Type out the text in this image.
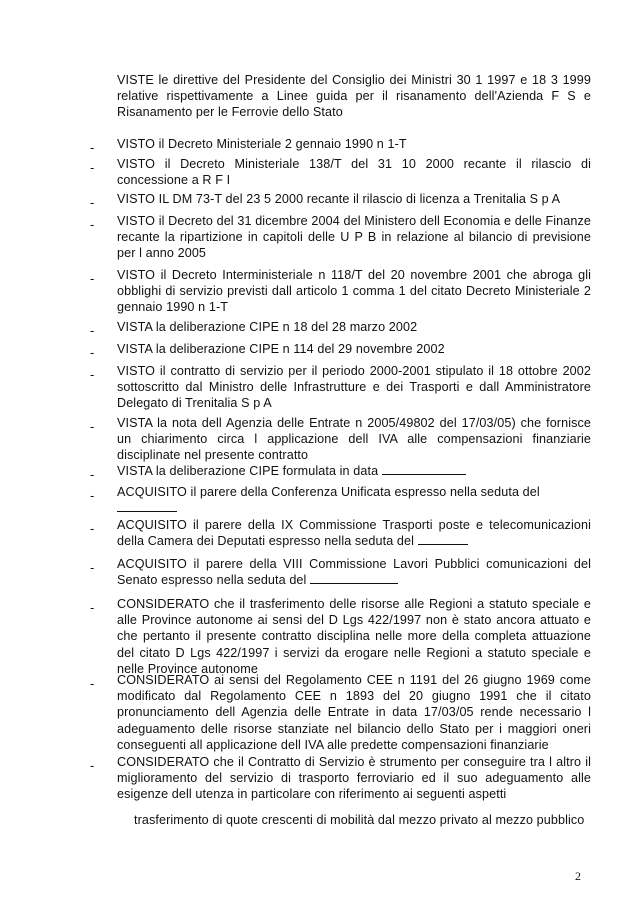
VISTE le direttive del Presidente del Consiglio dei Ministri 30 1 1997 e 18 3 1999 relative rispettivamente a Linee guida per il risanamento dell'Azienda F S e Risanamento per le Ferrovie dello Stato
- VISTO il Decreto Ministeriale 2 gennaio 1990 n 1-T
- VISTO il Decreto Ministeriale 138/T del 31 10 2000 recante il rilascio di concessione a R F I
- VISTO IL DM 73-T del 23 5 2000 recante il rilascio di licenza a Trenitalia S p A
- VISTO il Decreto del 31 dicembre 2004 del Ministero dell Economia e delle Finanze recante la ripartizione in capitoli delle U P B in relazione al bilancio di previsione per l anno 2005
- VISTO il Decreto Interministeriale n 118/T del 20 novembre 2001 che abroga gli obblighi di servizio previsti dall articolo 1 comma 1 del citato Decreto Ministeriale 2 gennaio 1990 n 1-T
- VISTA la deliberazione CIPE n 18 del 28 marzo 2002
- VISTA la deliberazione CIPE n 114 del 29 novembre 2002
- VISTO il contratto di servizio per il periodo 2000-2001 stipulato il 18 ottobre 2002 sottoscritto dal Ministro delle Infrastrutture e dei Trasporti e dall Amministratore Delegato di Trenitalia S p A
- VISTA la nota dell Agenzia delle Entrate n 2005/49802 del 17/03/05) che fornisce un chiarimento circa l applicazione dell IVA alle compensazioni finanziarie disciplinate nel presente contratto
- VISTA la deliberazione CIPE formulata in data
- ACQUISITO il parere della Conferenza Unificata espresso nella seduta del

- ACQUISITO il parere della IX Commissione Trasporti poste e telecomunicazioni della Camera dei Deputati espresso nella seduta del
- ACQUISITO il parere della VIII Commissione Lavori Pubblici comunicazioni del Senato espresso nella seduta del
- CONSIDERATO che il trasferimento delle risorse alle Regioni a statuto speciale e alle Province autonome ai sensi del D Lgs 422/1997 non è stato ancora attuato e che pertanto il presente contratto disciplina nelle more della completa attuazione del citato D Lgs 422/1997 i servizi da erogare nelle Regioni a statuto speciale e nelle Province autonome
- CONSIDERATO ai sensi del Regolamento CEE n 1191 del 26 giugno 1969 come modificato dal Regolamento CEE n 1893 del 20 giugno 1991 che il citato pronunciamento dell Agenzia delle Entrate in data 17/03/05 rende necessario l adeguamento delle risorse stanziate nel bilancio dello Stato per i maggiori oneri conseguenti all applicazione dell IVA alle predette compensazioni finanziarie
- CONSIDERATO che il Contratto di Servizio è strumento per conseguire tra l altro il miglioramento del servizio di trasporto ferroviario ed il suo adeguamento alle esigenze dell utenza in particolare con riferimento ai seguenti aspetti
trasferimento di quote crescenti di mobilità dal mezzo privato al mezzo pubblico
2
